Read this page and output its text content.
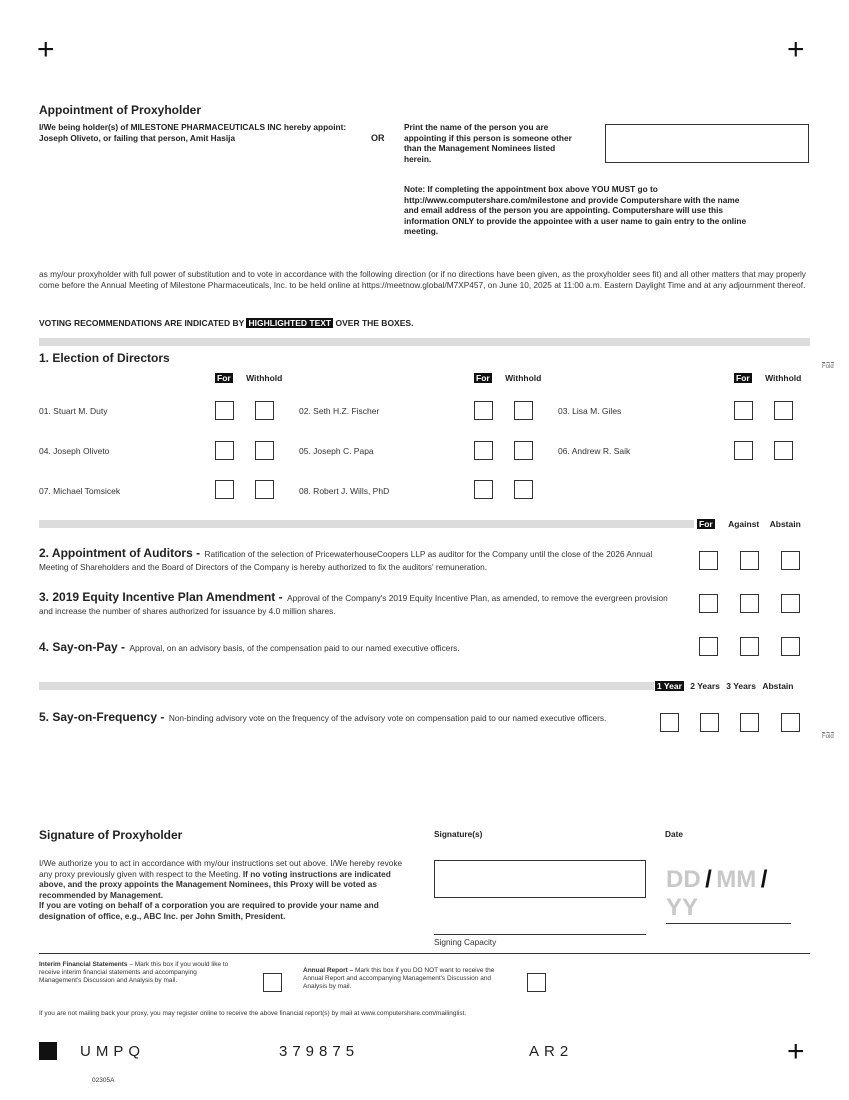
+	+
Appointment of Proxyholder
I/We being holder(s) of MILESTONE PHARMACEUTICALS INC hereby appoint: Joseph Oliveto, or failing that person, Amit Hasija	OR
Print the name of the person you are appointing if this person is someone other than the Management Nominees listed herein.
Note: If completing the appointment box above YOU MUST go to http://www.computershare.com/milestone and provide Computershare with the name and email address of the person you are appointing. Computershare will use this information ONLY to provide the appointee with a user name to gain entry to the online meeting.
as my/our proxyholder with full power of substitution and to vote in accordance with the following direction (or if no directions have been given, as the proxyholder sees fit) and all other matters that may properly come before the Annual Meeting of Milestone Pharmaceuticals, Inc. to be held online at https://meetnow.global/M7XP457, on June 10, 2025 at 11:00 a.m. Eastern Daylight Time and at any adjournment thereof.
VOTING RECOMMENDATIONS ARE INDICATED BY HIGHLIGHTED TEXT OVER THE BOXES.
1. Election of Directors
For Withhold	For Withhold	For Withhold
Fold
01. Stuart M. Duty	02. Seth H.Z. Fischer	03. Lisa M. Giles
04. Joseph Oliveto	05. Joseph C. Papa	06. Andrew R. Saik
07. Michael Tomsicek	08. Robert J. Wills, PhD
For Against Abstain
2. Appointment of Auditors - Ratification of the selection of PricewaterhouseCoopers LLP as auditor for the Company until the close of the 2026 Annual Meeting of Shareholders and the Board of Directors of the Company is hereby authorized to fix the auditors' remuneration.
3. 2019 Equity Incentive Plan Amendment - Approval of the Company's 2019 Equity Incentive Plan, as amended, to remove the evergreen provision and increase the number of shares authorized for issuance by 4.0 million shares.
4. Say-on-Pay - Approval, on an advisory basis, of the compensation paid to our named executive officers.
1 Year 2 Years 3 Years Abstain
5. Say-on-Frequency - Non-binding advisory vote on the frequency of the advisory vote on compensation paid to our named executive officers.
Fold
Signature of Proxyholder	Signature(s)	Date
I/We authorize you to act in accordance with my/our instructions set out above. I/We hereby revoke any proxy previously given with respect to the Meeting. If no voting instructions are indicated above, and the proxy appoints the Management Nominees, this Proxy will be voted as recommended by Management.
If you are voting on behalf of a corporation you are required to provide your name and designation of office, e.g., ABC Inc. per John Smith, President.
DD / MM / YY
Signing Capacity
Interim Financial Statements – Mark this box if you would like to receive interim financial statements and accompanying Management's Discussion and Analysis by mail.
Annual Report – Mark this box if you DO NOT want to receive the Annual Report and accompanying Management's Discussion and Analysis by mail.
If you are not mailing back your proxy, you may register online to receive the above financial report(s) by mail at www.computershare.com/mailinglist.
UMPQ	379875	AR2	+
02305A
